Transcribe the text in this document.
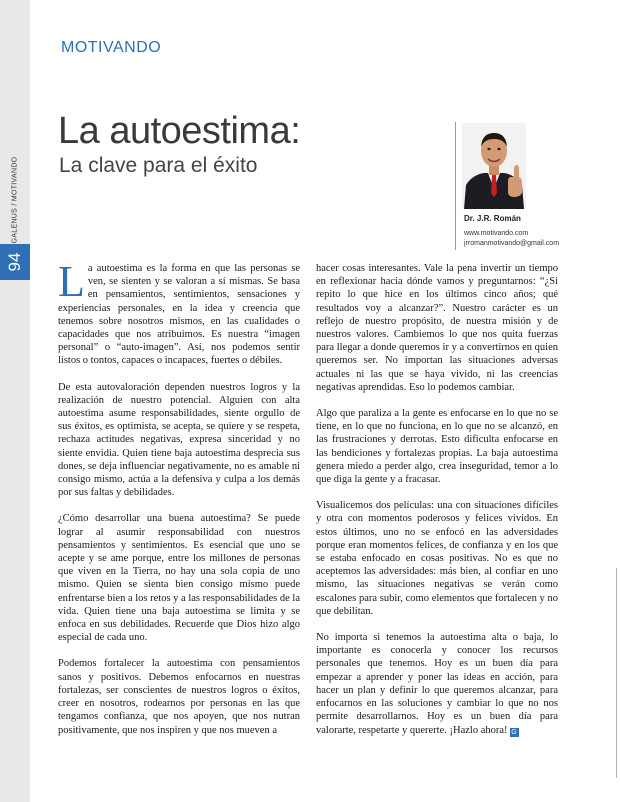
94
GALENUS / MOTIVANDO
MOTIVANDO
La autoestima:
La clave para el éxito
Dr. J.R. Román
www.motivando.com
jrromanmotivando@gmail.com

La autoestima es la forma en que las personas se ven, se sienten y se valoran a sí mismas. Se basa en pensamientos, sentimientos, sensaciones y experiencias personales, en la idea y creencia que tenemos sobre nosotros mismos, en las cualidades o capacidades que nos atribuimos. Es nuestra “imagen personal” o “auto-imagen”. Así, nos podemos sentir listos o tontos, capaces o incapaces, fuertes o débiles.

De esta autovaloración dependen nuestros logros y la realización de nuestro potencial. Alguien con alta autoestima asume responsabilidades, siente orgullo de sus éxitos, es optimista, se acepta, se quiere y se respeta, rechaza actitudes negativas, expresa sinceridad y no siente envidia. Quien tiene baja autoestima desprecia sus dones, se deja influenciar negativamente, no es amable ni consigo mismo, actúa a la defensiva y culpa a los demás por sus faltas y debilidades.

¿Cómo desarrollar una buena autoestima? Se puede lograr al asumir responsabilidad con nuestros pensamientos y sentimientos. Es esencial que uno se acepte y se ame porque, entre los millones de personas que viven en la Tierra, no hay una sola copia de uno mismo. Quien se sienta bien consigo mismo puede enfrentarse bien a los retos y a las responsabilidades de la vida. Quien tiene una baja autoestima se limita y se enfoca en sus debilidades. Recuerde que Dios hizo algo especial de cada uno.

Podemos fortalecer la autoestima con pensamientos sanos y positivos. Debemos enfocarnos en nuestras fortalezas, ser conscientes de nuestros logros o éxitos, creer en nosotros, rodearnos por personas en las que tengamos confianza, que nos apoyen, que nos nutran positivamente, que nos inspiren y que nos mueven a

hacer cosas interesantes. Vale la pena invertir un tiempo en reflexionar hacia dónde vamos y preguntarnos: “¿Si repito lo que hice en los últimos cinco años; qué resultados voy a alcanzar?”. Nuestro carácter es un reflejo de nuestro propósito, de nuestra misión y de nuestros valores. Cambiemos lo que nos quita fuerzas para llegar a donde queremos ir y a convertirnos en quien queremos ser. No importan las situaciones adversas actuales ni las que se haya vivido, ni las creencias negativas aprendidas. Eso lo podemos cambiar.

Algo que paraliza a la gente es enfocarse en lo que no se tiene, en lo que no funciona, en lo que no se alcanzó, en las frustraciones y derrotas. Esto dificulta enfocarse en las bendiciones y fortalezas propias. La baja autoestima genera miedo a perder algo, crea inseguridad, temor a lo que diga la gente y a fracasar.

Visualicemos dos películas: una con situaciones difíciles y otra con momentos poderosos y felices vividos. En estos últimos, uno no se enfocó en las adversidades porque eran momentos felices, de confianza y en los que se estaba enfocado en cosas positivas. No es que no aceptemos las adversidades: más bien, al confiar en uno mismo, las situaciones negativas se verán como escalones para subir, como elementos que fortalecen y no que debilitan.

No importa si tenemos la autoestima alta o baja, lo importante es conocerla y conocer los recursos personales que tenemos. Hoy es un buen día para empezar a aprender y poner las ideas en acción, para hacer un plan y definir lo que queremos alcanzar, para enfocarnos en las soluciones y cambiar lo que no nos permite desarrollarnos. Hoy es un buen día para valorarte, respetarte y quererte. ¡Hazlo ahora! G
